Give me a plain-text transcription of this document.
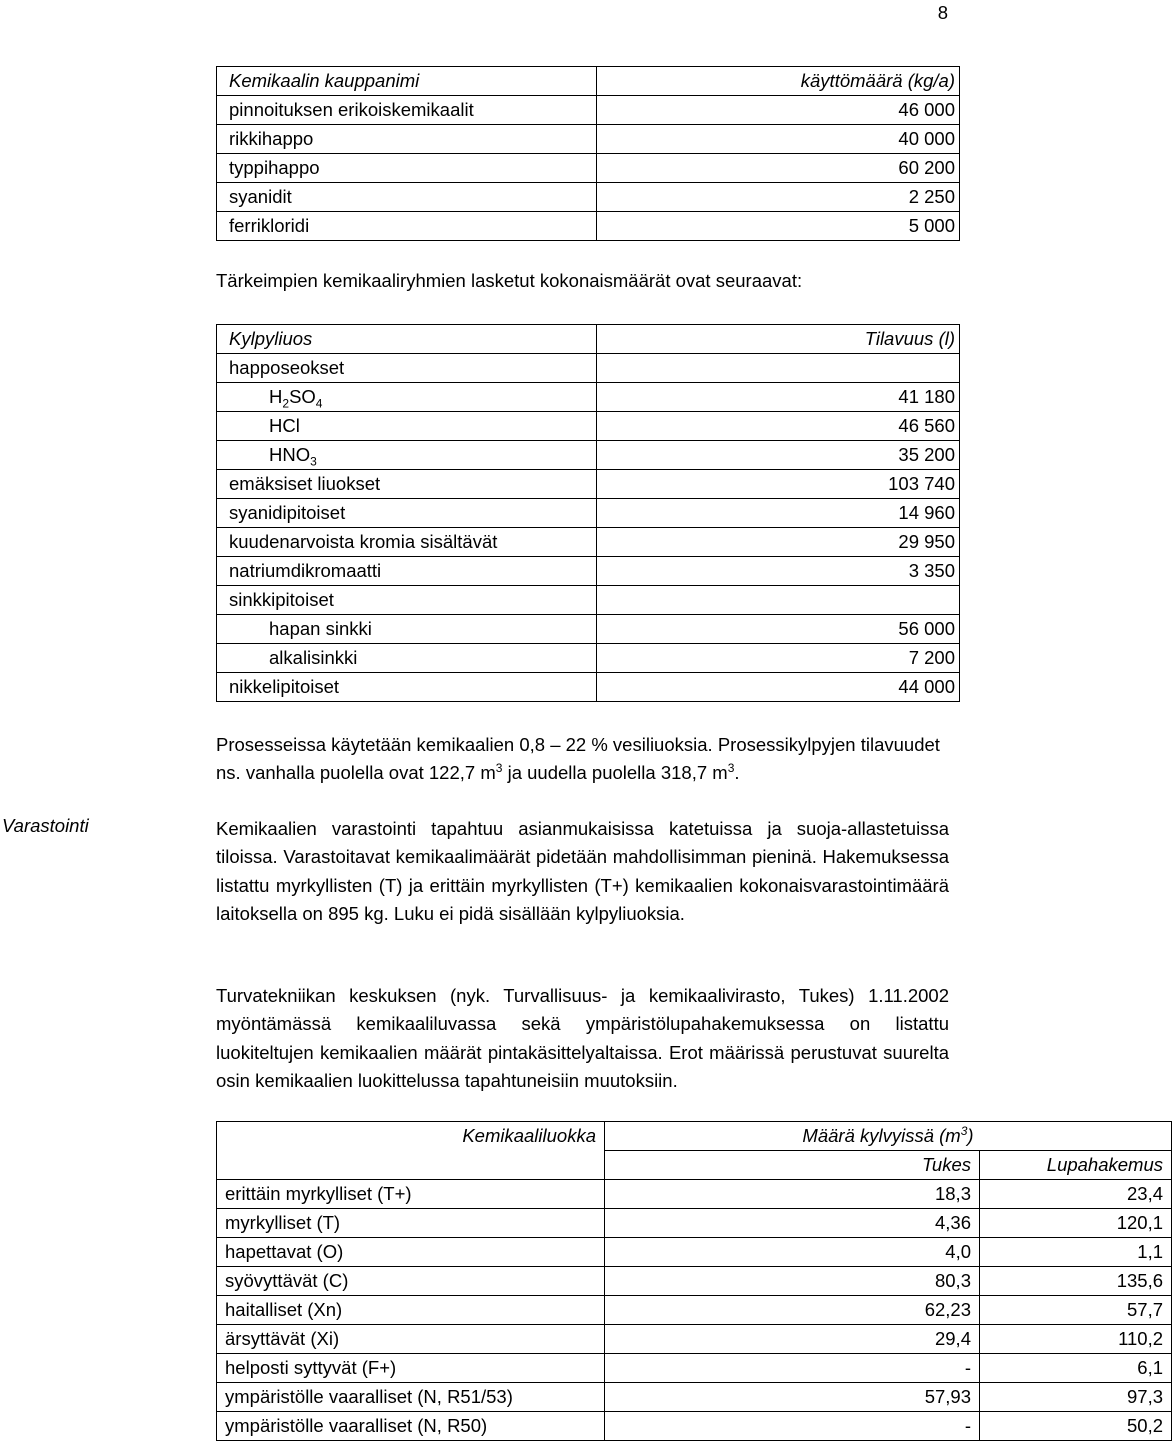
8
Kemikaalin kauppanimi	käyttömäärä (kg/a)
pinnoituksen erikoiskemikaalit	46 000
rikkihappo	40 000
typpihappo	60 200
syanidit	2 250
ferrikloridi	5 000

Tärkeimpien kemikaaliryhmien lasketut kokonaismäärät ovat seuraavat:

Kylpyliuos	Tilavuus (l)
happoseokset	
$H_2SO_4$	41 180
HCl	46 560
$HNO_3$	35 200
emäksiset liuokset	103 740
syanidipitoiset	14 960
kuudenarvoista kromia sisältävät	29 950
natriumdikromaatti	3 350
sinkkipitoiset	
hapan sinkki	56 000
alkalisinkki	7 200
nikkelipitoiset	44 000

Prosesseissa käytetään kemikaalien 0,8 – 22 % vesiliuoksia. Prosessikylpyjen tilavuudet ns. vanhalla puolella ovat 122,7 $m^3$ ja uudella puolella 318,7 $m^3$.

Varastointi	Kemikaalien varastointi tapahtuu asianmukaisissa katetuissa ja suoja-allastetuissa tiloissa. Varastoitavat kemikaalimäärät pidetään mahdollisimman pieninä. Hakemuksessa listattu myrkyllisten (T) ja erittäin myrkyllisten (T+) kemikaalien kokonaisvarastointimäärä laitoksella on 895 kg. Luku ei pidä sisällään kylpyliuoksia.

Turvatekniikan keskuksen (nyk. Turvallisuus- ja kemikaalivirasto, Tukes) 1.11.2002 myöntämässä kemikaaliluvassa sekä ympäristölupahakemuksessa on listattu luokiteltujen kemikaalien määrät pintakäsittelyaltaissa. Erot määrissä perustuvat suurelta osin kemikaalien luokittelussa tapahtuneisiin muutoksiin.

Kemikaaliluokka	Määrä kylvyissä $(m^3)$	
	Tukes	Lupahakemus
erittäin myrkylliset (T+)	18,3	23,4
myrkylliset (T)	4,36	120,1
hapettavat (O)	4,0	1,1
syövyttävät (C)	80,3	135,6
haitalliset (Xn)	62,23	57,7
ärsyttävät (Xi)	29,4	110,2
helposti syttyvät (F+)	-	6,1
ympäristölle vaaralliset (N, R51/53)	57,93	97,3
ympäristölle vaaralliset (N, R50)	-	50,2
